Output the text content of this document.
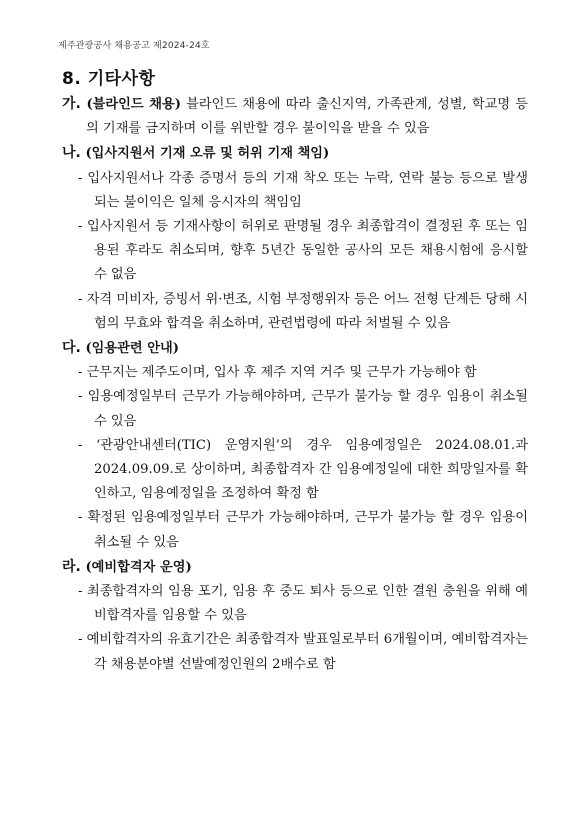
제주관광공사 채용공고 제2024-24호
8. 기타사항

가. (블라인드 채용) 블라인드 채용에 따라 출신지역, 가족관계, 성별, 학교명 등의 기재를 금지하며 이를 위반할 경우 불이익을 받을 수 있음

나. (입사지원서 기재 오류 및 허위 기재 책임)

- 입사지원서나 각종 증명서 등의 기재 착오 또는 누락, 연락 불능 등으로 발생되는 불이익은 일체 응시자의 책임임

- 입사지원서 등 기재사항이 허위로 판명될 경우 최종합격이 결정된 후 또는 임용된 후라도 취소되며, 향후 5년간 동일한 공사의 모든 채용시험에 응시할 수 없음

- 자격 미비자, 증빙서 위·변조, 시험 부정행위자 등은 어느 전형 단계든 당해 시험의 무효와 합격을 취소하며, 관련법령에 따라 처벌될 수 있음

다. (임용관련 안내)

- 근무지는 제주도이며, 입사 후 제주 지역 거주 및 근무가 가능해야 함

- 임용예정일부터 근무가 가능해야하며, 근무가 불가능 할 경우 임용이 취소될 수 있음

- ‘관광안내센터(TIC) 운영지원’의 경우 임용예정일은 2024.08.01.과 2024.09.09.로 상이하며, 최종합격자 간 임용예정일에 대한 희망일자를 확인하고, 임용예정일을 조정하여 확정 함

- 확정된 임용예정일부터 근무가 가능해야하며, 근무가 불가능 할 경우 임용이 취소될 수 있음

라. (예비합격자 운영)

- 최종합격자의 임용 포기, 임용 후 중도 퇴사 등으로 인한 결원 충원을 위해 예비합격자를 임용할 수 있음

- 예비합격자의 유효기간은 최종합격자 발표일로부터 6개월이며, 예비합격자는 각 채용분야별 선발예정인원의 2배수로 함
